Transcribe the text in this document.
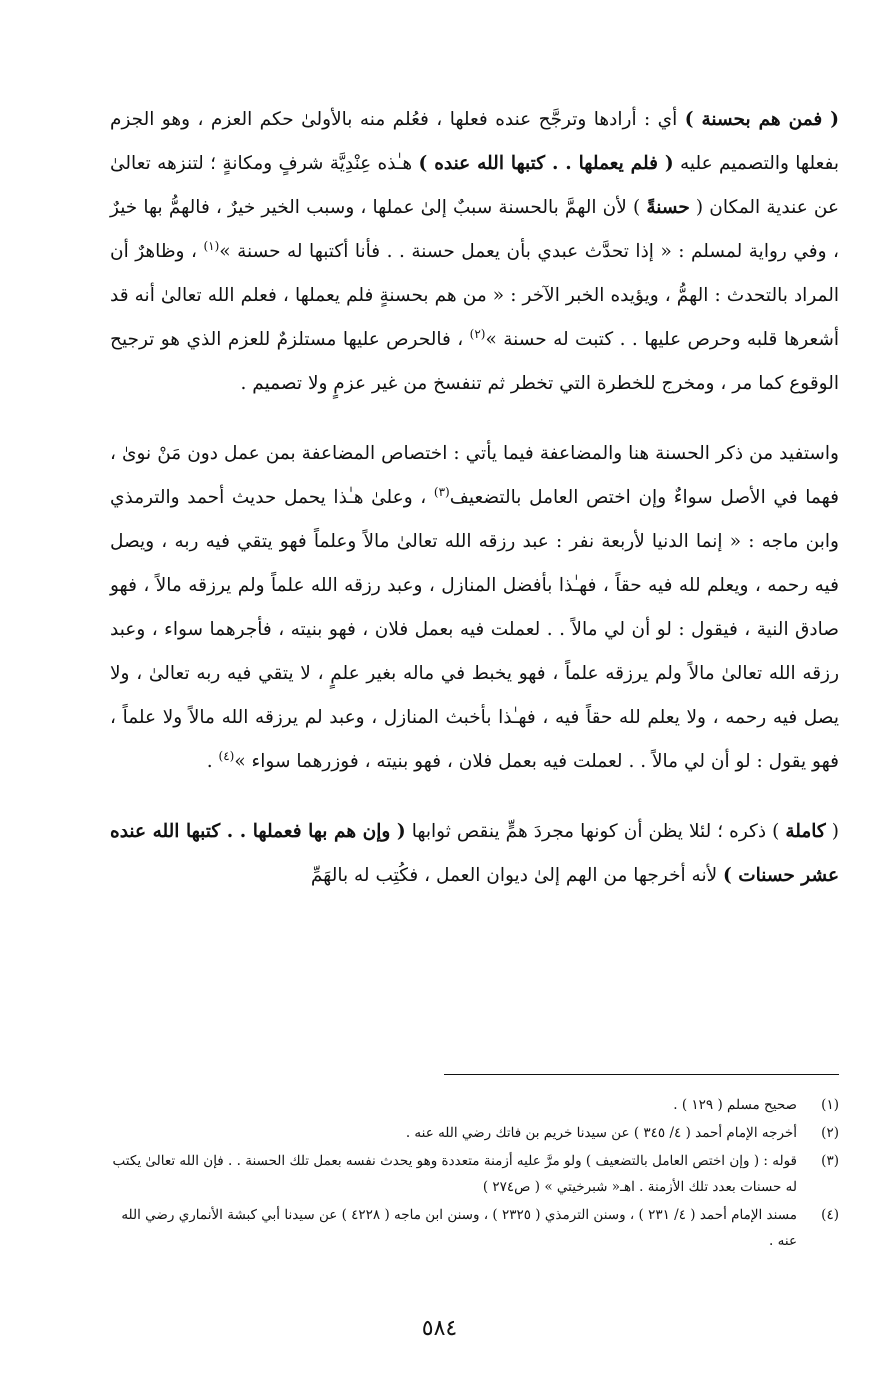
( فمن هم بحسنة ) أي : أرادها وترجَّح عنده فعلها ، فعُلم منه بالأولىٰ حكم العزم ، وهو الجزم بفعلها والتصميم عليه ( فلم يعملها . . كتبها الله عنده ) هـٰذه عِنْدِيَّة شرفٍ ومكانةٍ ؛ لتنزهه تعالىٰ عن عندية المكان ( حسنةً ) لأن الهمَّ بالحسنة سببٌ إلىٰ عملها ، وسبب الخير خيرٌ ، فالهمُّ بها خيرٌ ، وفي رواية لمسلم : « إذا تحدَّث عبدي بأن يعمل حسنة . . فأنا أكتبها له حسنة »$^{(١)}$ ، وظاهرٌ أن المراد بالتحدث : الهمُّ ، ويؤيده الخبر الآخر : « من هم بحسنةٍ فلم يعملها ، فعلم الله تعالىٰ أنه قد أشعرها قلبه وحرص عليها . . كتبت له حسنة »$^{(٢)}$ ، فالحرص عليها مستلزمٌ للعزم الذي هو ترجيح الوقوع كما مر ، ومخرج للخطرة التي تخطر ثم تنفسخ من غير عزمٍ ولا تصميم .

واستفيد من ذكر الحسنة هنا والمضاعفة فيما يأتي : اختصاص المضاعفة بمن عمل دون مَنْ نوىٰ ، فهما في الأصل سواءٌ وإن اختص العامل بالتضعيف$^{(٣)}$ ، وعلىٰ هـٰذا يحمل حديث أحمد والترمذي وابن ماجه : « إنما الدنيا لأربعة نفر : عبد رزقه الله تعالىٰ مالاً وعلماً فهو يتقي فيه ربه ، ويصل فيه رحمه ، ويعلم لله فيه حقاً ، فهـٰذا بأفضل المنازل ، وعبد رزقه الله علماً ولم يرزقه مالاً ، فهو صادق النية ، فيقول : لو أن لي مالاً . . لعملت فيه بعمل فلان ، فهو بنيته ، فأجرهما سواء ، وعبد رزقه الله تعالىٰ مالاً ولم يرزقه علماً ، فهو يخبط في ماله بغير علمٍ ، لا يتقي فيه ربه تعالىٰ ، ولا يصل فيه رحمه ، ولا يعلم لله حقاً فيه ، فهـٰذا بأخبث المنازل ، وعبد لم يرزقه الله مالاً ولا علماً ، فهو يقول : لو أن لي مالاً . . لعملت فيه بعمل فلان ، فهو بنيته ، فوزرهما سواء »$^{(٤)}$ .

( كاملة ) ذكره ؛ لئلا يظن أن كونها مجردَ همٍّ ينقص ثوابها ( وإن هم بها فعملها . . كتبها الله عنده عشر حسنات ) لأنه أخرجها من الهم إلىٰ ديوان العمل ، فكُتِب له بالهَمِّ

(١)
صحيح مسلم ( ١٢٩ ) .
(٢)
أخرجه الإمام أحمد ( ٤/ ٣٤٥ ) عن سيدنا خريم بن فاتك رضي الله عنه .
(٣)
قوله : ( وإن اختص العامل بالتضعيف ) ولو مرَّ عليه أزمنة متعددة وهو يحدث نفسه بعمل تلك الحسنة . . فإن الله تعالىٰ يكتب له حسنات بعدد تلك الأزمنة . اهـ« شبرخيتي » ( ص٢٧٤ )
(٤)
مسند الإمام أحمد ( ٤/ ٢٣١ ) ، وسنن الترمذي ( ٢٣٢٥ ) ، وسنن ابن ماجه ( ٤٢٢٨ ) عن سيدنا أبي كبشة الأنماري رضي الله عنه .
٥٨٤
